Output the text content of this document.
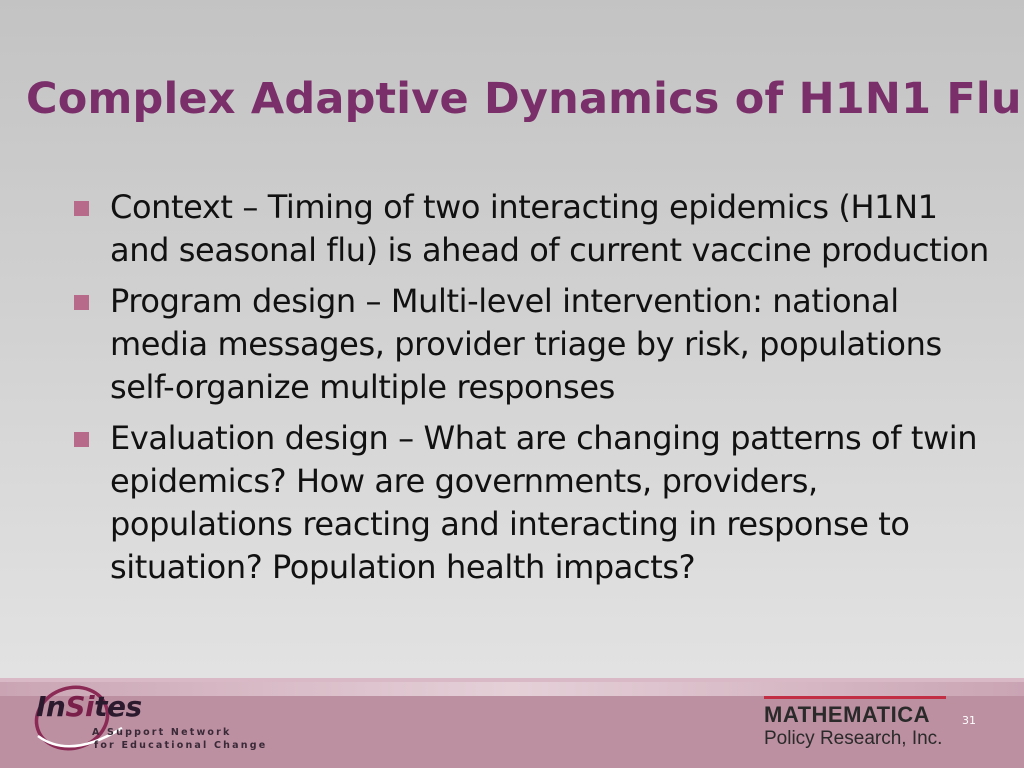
Complex Adaptive Dynamics of H1N1 Flu
Context – Timing of two interacting epidemics (H1N1 and seasonal flu) is ahead of current vaccine production
Program design – Multi-level intervention: national media messages, provider triage by risk, populations self-organize multiple responses
Evaluation design – What are changing patterns of twin epidemics? How are governments, providers, populations reacting and interacting in response to situation? Population health impacts?
InSites
A Support Network
for Educational Change
MATHEMATICA
Policy Research, Inc.
31
